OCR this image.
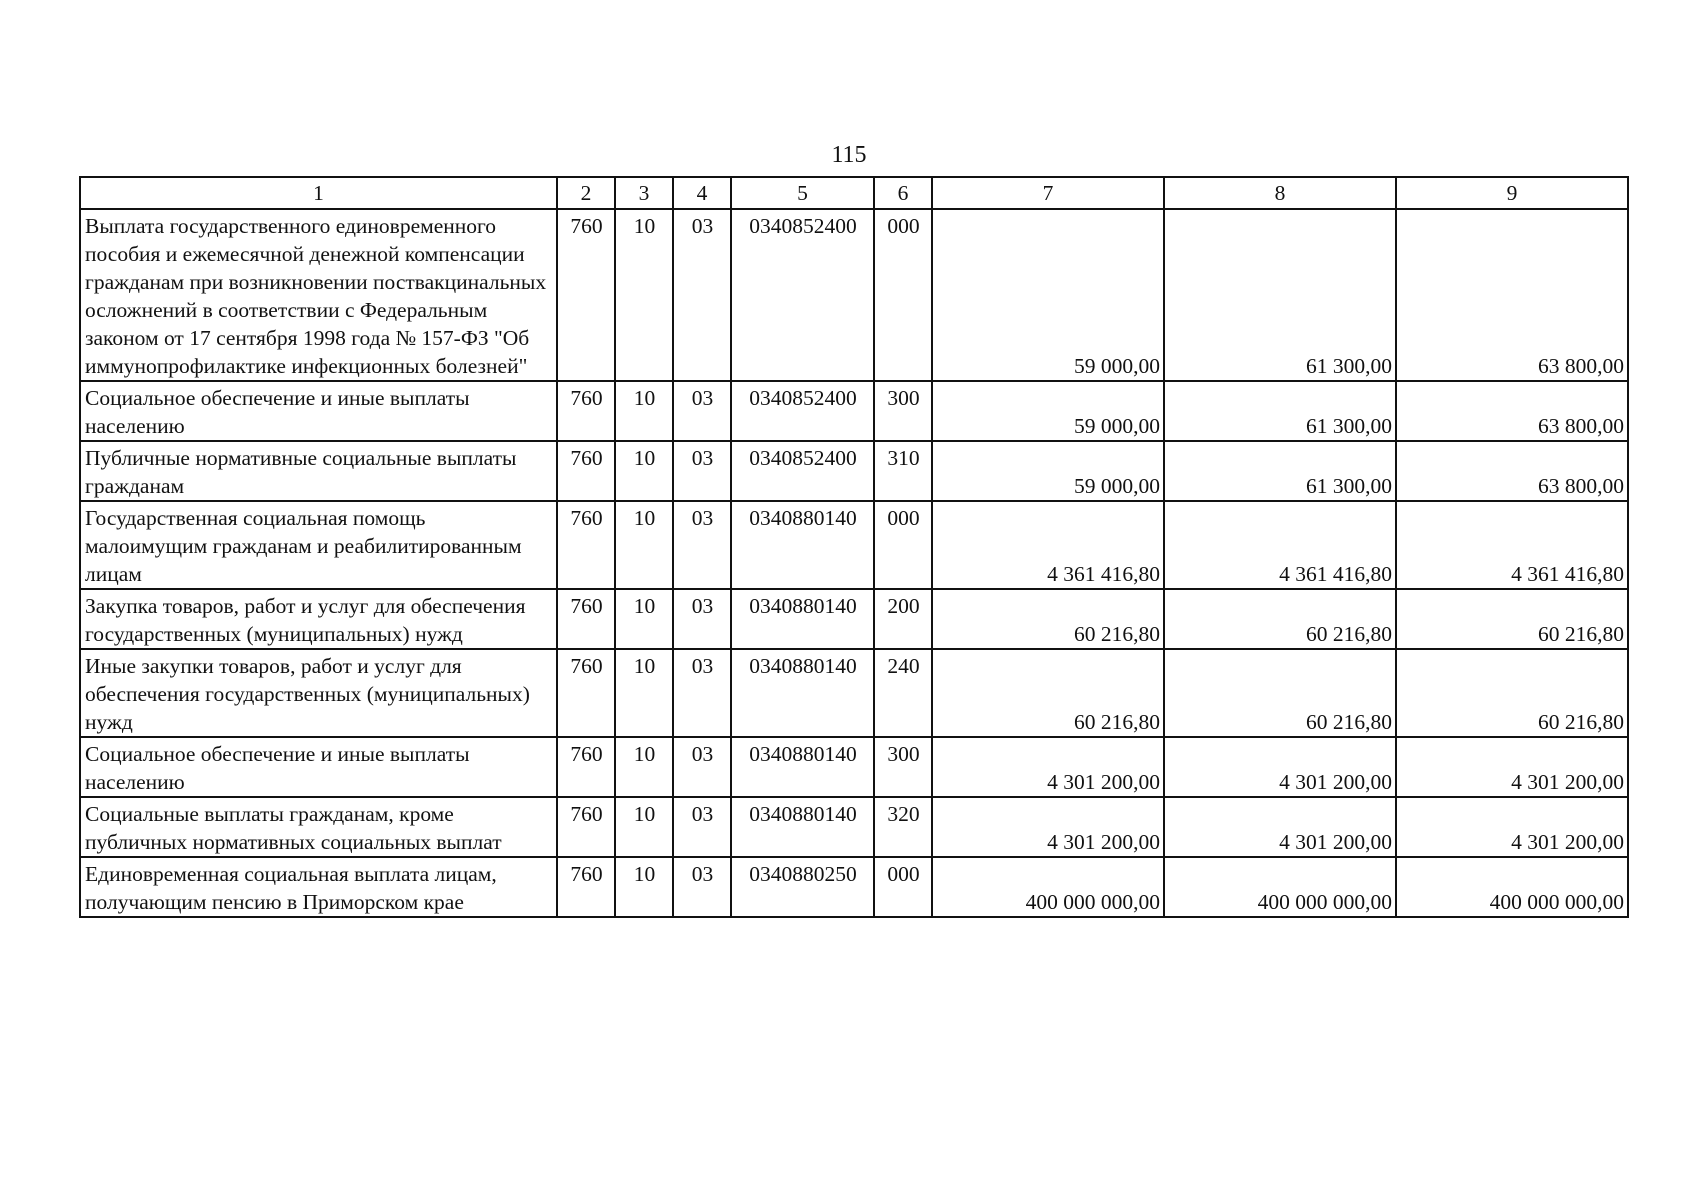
115
1	2	3	4	5	6	7	8	9
Выплата государственного единовременного пособия и ежемесячной денежной компенсации гражданам при возникновении поствакцинальных осложнений в соответствии с Федеральным законом от 17 сентября 1998 года № 157-ФЗ "Об иммунопрофилактике инфекционных болезней"	760	10	03	0340852400	000	59 000,00	61 300,00	63 800,00
Социальное обеспечение и иные выплаты населению	760	10	03	0340852400	300	59 000,00	61 300,00	63 800,00
Публичные нормативные социальные выплаты гражданам	760	10	03	0340852400	310	59 000,00	61 300,00	63 800,00
Государственная социальная помощь малоимущим гражданам и реабилитированным лицам	760	10	03	0340880140	000	4 361 416,80	4 361 416,80	4 361 416,80
Закупка товаров, работ и услуг для обеспечения государственных (муниципальных) нужд	760	10	03	0340880140	200	60 216,80	60 216,80	60 216,80
Иные закупки товаров, работ и услуг для обеспечения государственных (муниципальных) нужд	760	10	03	0340880140	240	60 216,80	60 216,80	60 216,80
Социальное обеспечение и иные выплаты населению	760	10	03	0340880140	300	4 301 200,00	4 301 200,00	4 301 200,00
Социальные выплаты гражданам, кроме публичных нормативных социальных выплат	760	10	03	0340880140	320	4 301 200,00	4 301 200,00	4 301 200,00
Единовременная социальная выплата лицам, получающим пенсию в Приморском крае	760	10	03	0340880250	000	400 000 000,00	400 000 000,00	400 000 000,00
